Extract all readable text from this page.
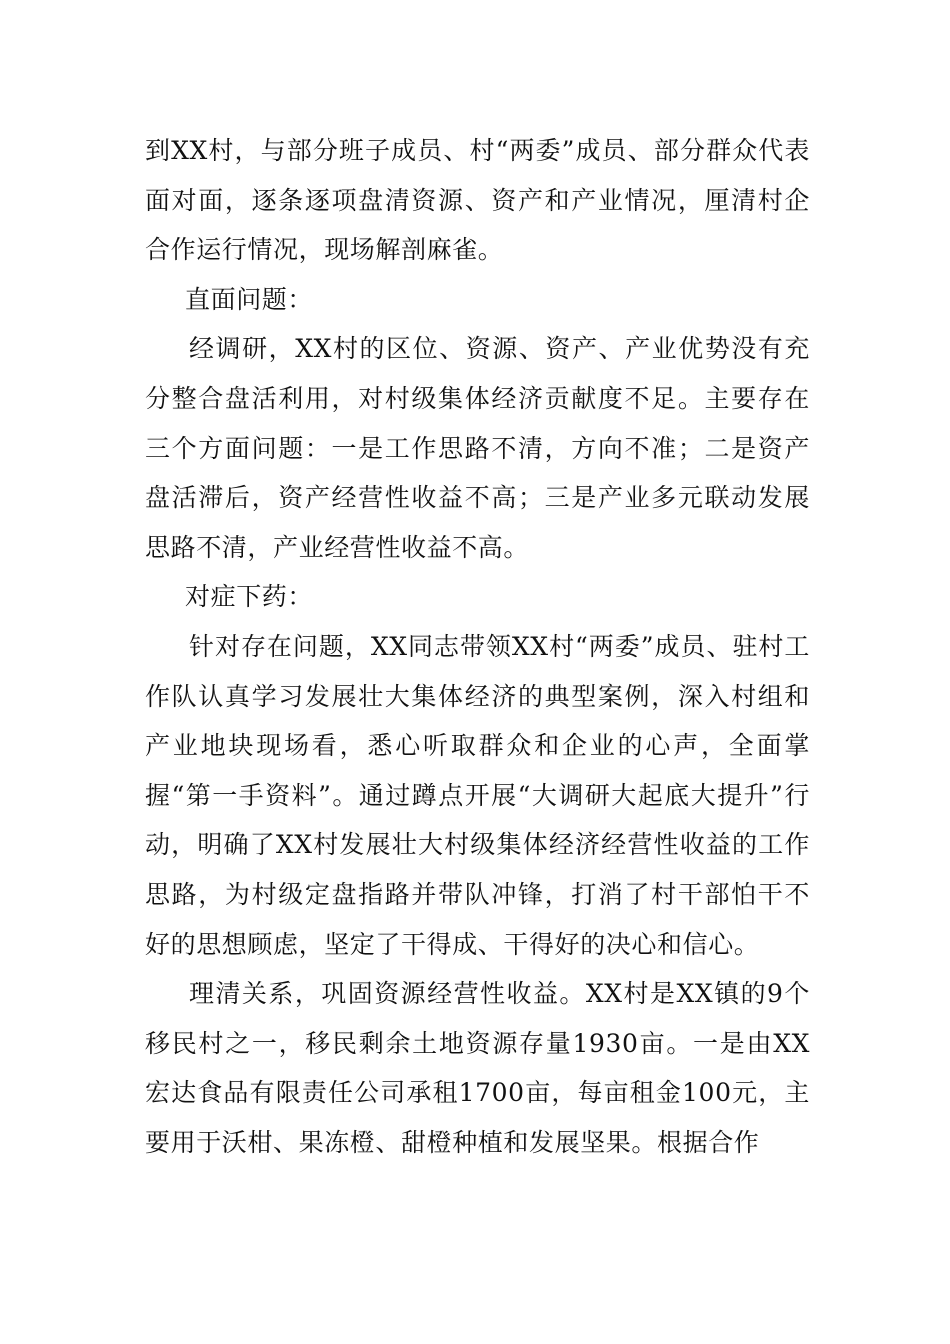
到XX村，与部分班子成员、村“两委”成员、部分群众代表面对面，逐条逐项盘清资源、资产和产业情况，厘清村企合作运行情况，现场解剖麻雀。

直面问题：

经调研，XX村的区位、资源、资产、产业优势没有充分整合盘活利用，对村级集体经济贡献度不足。主要存在三个方面问题：一是工作思路不清，方向不准；二是资产盘活滞后，资产经营性收益不高；三是产业多元联动发展思路不清，产业经营性收益不高。

对症下药：

针对存在问题，XX同志带领XX村“两委”成员、驻村工作队认真学习发展壮大集体经济的典型案例，深入村组和产业地块现场看，悉心听取群众和企业的心声，全面掌握“第一手资料”。通过蹲点开展“大调研大起底大提升”行动，明确了XX村发展壮大村级集体经济经营性收益的工作思路，为村级定盘指路并带队冲锋，打消了村干部怕干不好的思想顾虑，坚定了干得成、干得好的决心和信心。

理清关系，巩固资源经营性收益。XX村是XX镇的9个移民村之一，移民剩余土地资源存量1930亩。一是由XX宏达食品有限责任公司承租1700亩，每亩租金100元，主要用于沃柑、果冻橙、甜橙种植和发展坚果。根据合作
